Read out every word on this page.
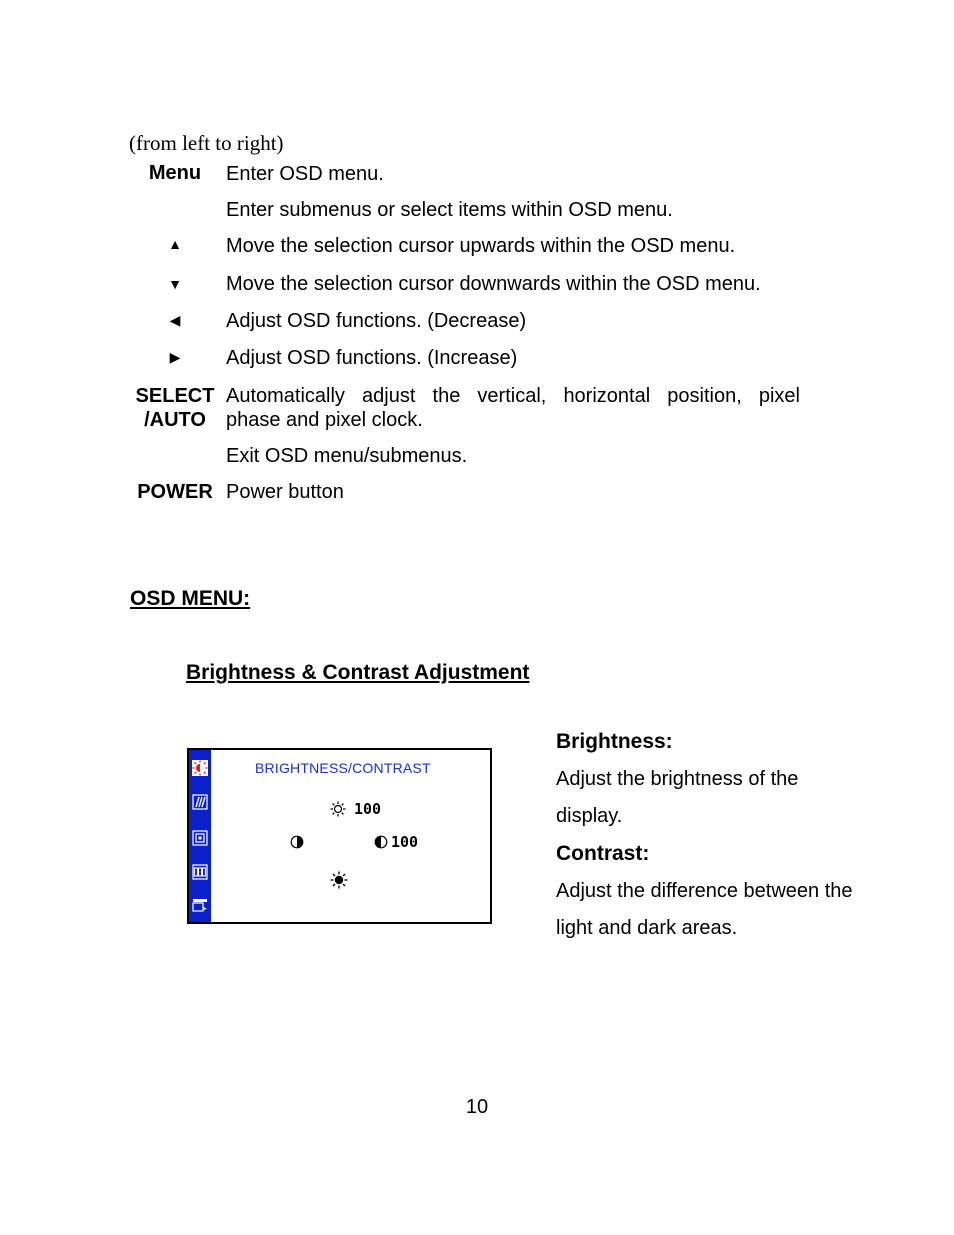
(from left to right)
Menu	Enter OSD menu.
Enter submenus or select items within OSD menu.
▲ Move the selection cursor upwards within the OSD menu.
▼ Move the selection cursor downwards within the OSD menu.
◀ Adjust OSD functions. (Decrease)
▶ Adjust OSD functions. (Increase)
SELECT
/AUTO
Automatically adjust the vertical, horizontal position, pixel
phase and pixel clock.
Exit OSD menu/submenus.
POWER Power button
OSD MENU:
Brightness & Contrast Adjustment
BRIGHTNESS/CONTRAST
100
100
Brightness:
Adjust the brightness of the
display.
Contrast:
Adjust the difference between the
light and dark areas.
10
